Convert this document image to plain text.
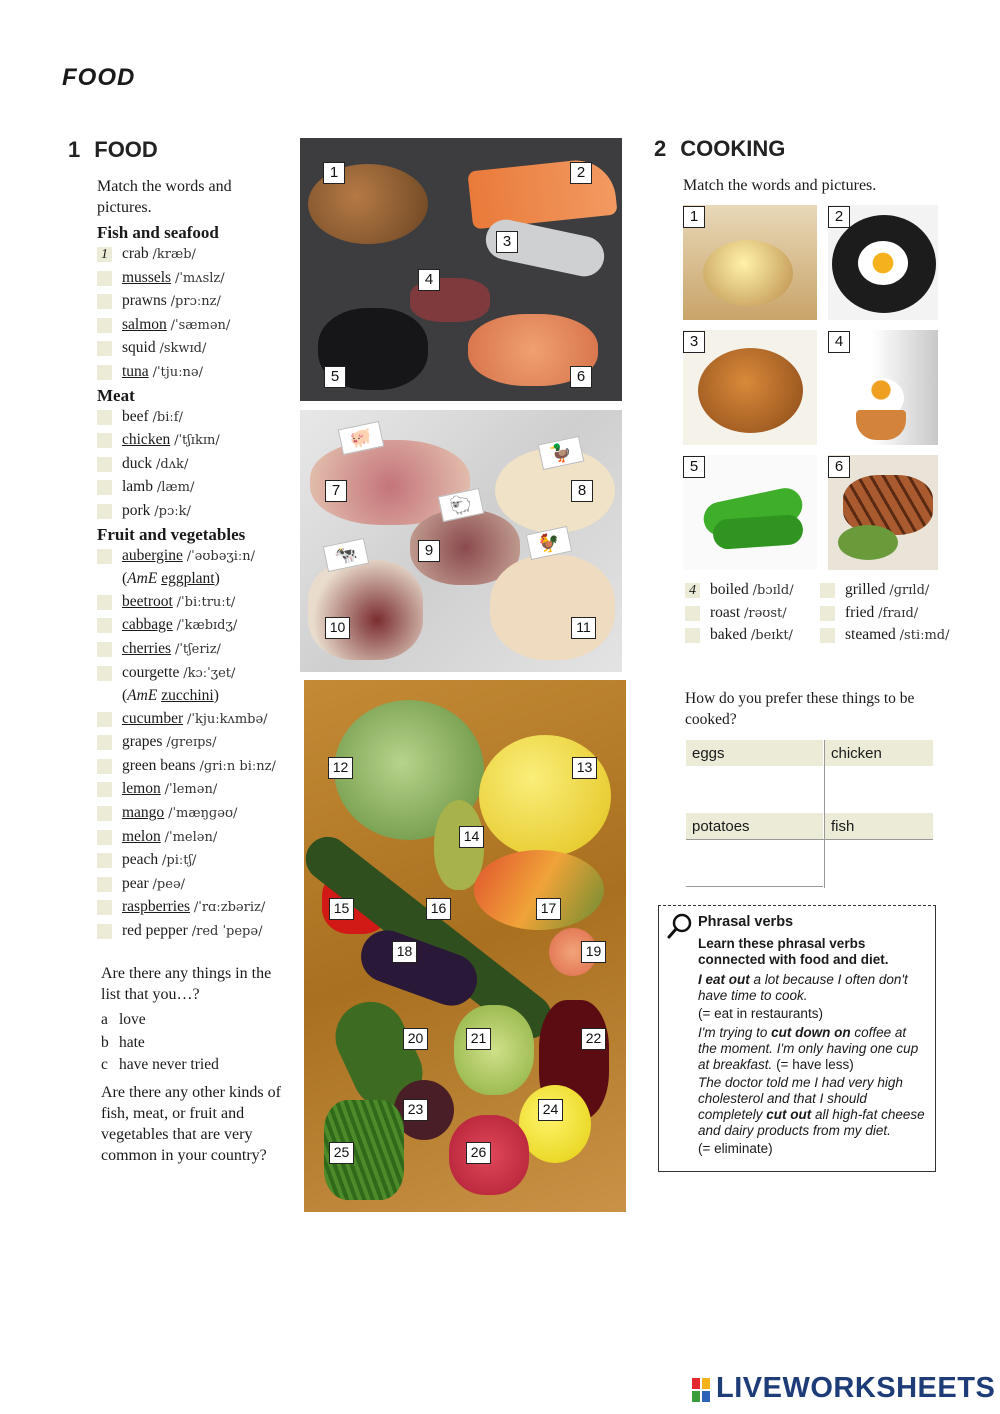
FOOD
1 FOOD
Match the words and pictures.
Fish and seafood
1 crab /kræb/
mussels /ˈmʌslz/
prawns /prɔːnz/
salmon /ˈsæmən/
squid /skwɪd/
tuna /ˈtjuːnə/
Meat
beef /biːf/
chicken /ˈtʃɪkɪn/
duck /dʌk/
lamb /læm/
pork /pɔːk/
Fruit and vegetables
aubergine /ˈəʊbəʒiːn/
(AmE eggplant)
beetroot /ˈbiːtruːt/
cabbage /ˈkæbɪdʒ/
cherries /ˈtʃeriz/
courgette /kɔːˈʒet/
(AmE zucchini)
cucumber /ˈkjuːkʌmbə/
grapes /ɡreɪps/
green beans /ɡriːn biːnz/
lemon /ˈlemən/
mango /ˈmæŋɡəʊ/
melon /ˈmelən/
peach /piːtʃ/
pear /peə/
raspberries /ˈrɑːzbəriz/
red pepper /red ˈpepə/
Are there any things in the list that you…?
a love
b hate
c have never tried
Are there any other kinds of fish, meat, or fruit and vegetables that are very common in your country?
1	2
3
4
5	6
🐖
🦆
🐑
🐄	🐓
7	8
9
10	11
12	13
14
15	16	17
18	19
20	21	22
23	24
25	26
2 COOKING
Match the words and pictures.
1	2
3	4
5	6
4 boiled /bɔɪld/	grilled /ɡrɪld/
roast /rəʊst/	fried /fraɪd/
baked /beɪkt/	steamed /stiːmd/
How do you prefer these things to be cooked?
eggs	chicken
potatoes	fish
Phrasal verbs
Learn these phrasal verbs connected with food and diet.
I eat out a lot because I often don't have time to cook.
(= eat in restaurants)
I'm trying to cut down on coffee at the moment. I'm only having one cup at breakfast. (= have less)
The doctor told me I had very high cholesterol and that I should completely cut out all high-fat cheese and dairy products from my diet.
(= eliminate)
LIVEWORKSHEETS
